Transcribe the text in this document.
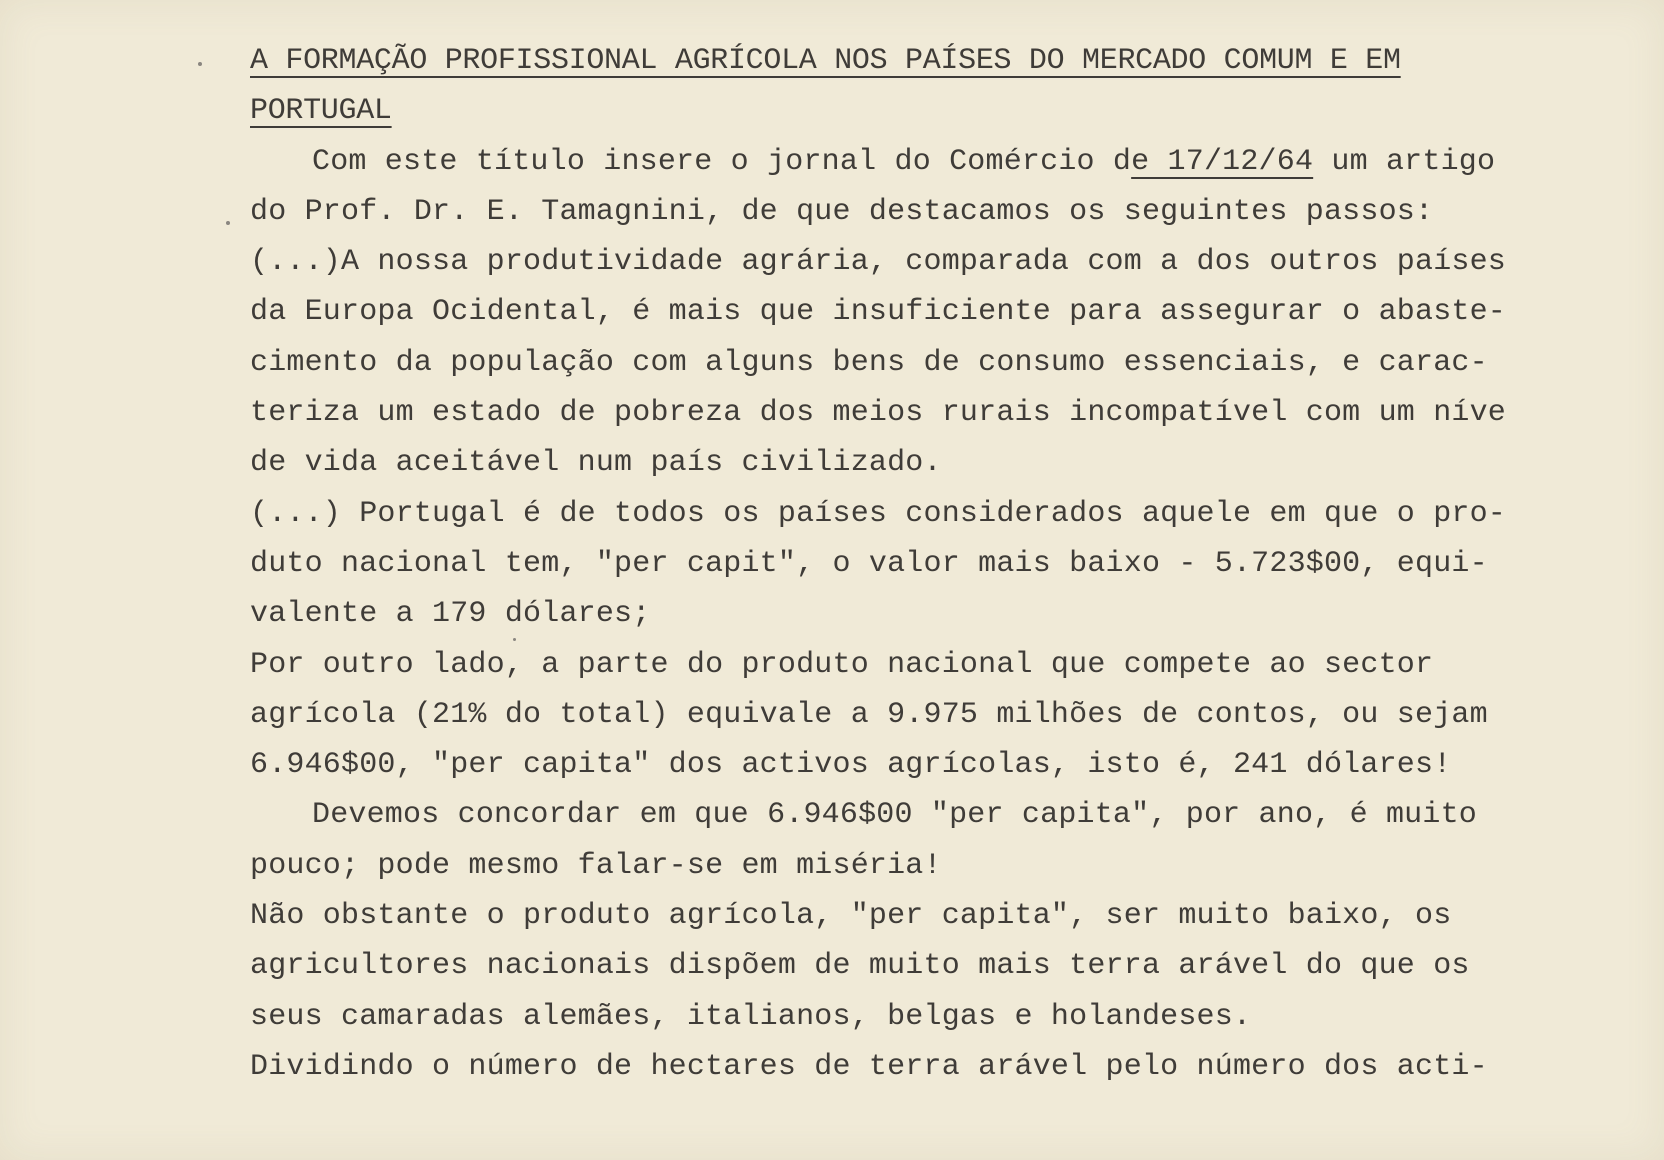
A FORMAÇÃO PROFISSIONAL AGRÍCOLA NOS PAÍSES DO MERCADO COMUM E EM
PORTUGAL
Com este título insere o jornal do Comércio de 17/12/64 um artigo
do Prof. Dr. E. Tamagnini, de que destacamos os seguintes passos:
(...)A nossa produtividade agrária, comparada com a dos outros países
da Europa Ocidental, é mais que insuficiente para assegurar o abaste-
cimento da população com alguns bens de consumo essenciais, e carac-
teriza um estado de pobreza dos meios rurais incompatível com um níve
de vida aceitável num país civilizado.
(...) Portugal é de todos os países considerados aquele em que o pro-
duto nacional tem, "per capit", o valor mais baixo - 5.723$00, equi-
valente a 179 dólares;
Por outro lado, a parte do produto nacional que compete ao sector
agrícola (21% do total) equivale a 9.975 milhões de contos, ou sejam
6.946$00, "per capita" dos activos agrícolas, isto é, 241 dólares!
Devemos concordar em que 6.946$00 "per capita", por ano, é muito
pouco; pode mesmo falar-se em miséria!
Não obstante o produto agrícola, "per capita", ser muito baixo, os
agricultores nacionais dispõem de muito mais terra arável do que os
seus camaradas alemães, italianos, belgas e holandeses.
Dividindo o número de hectares de terra arável pelo número dos acti-
